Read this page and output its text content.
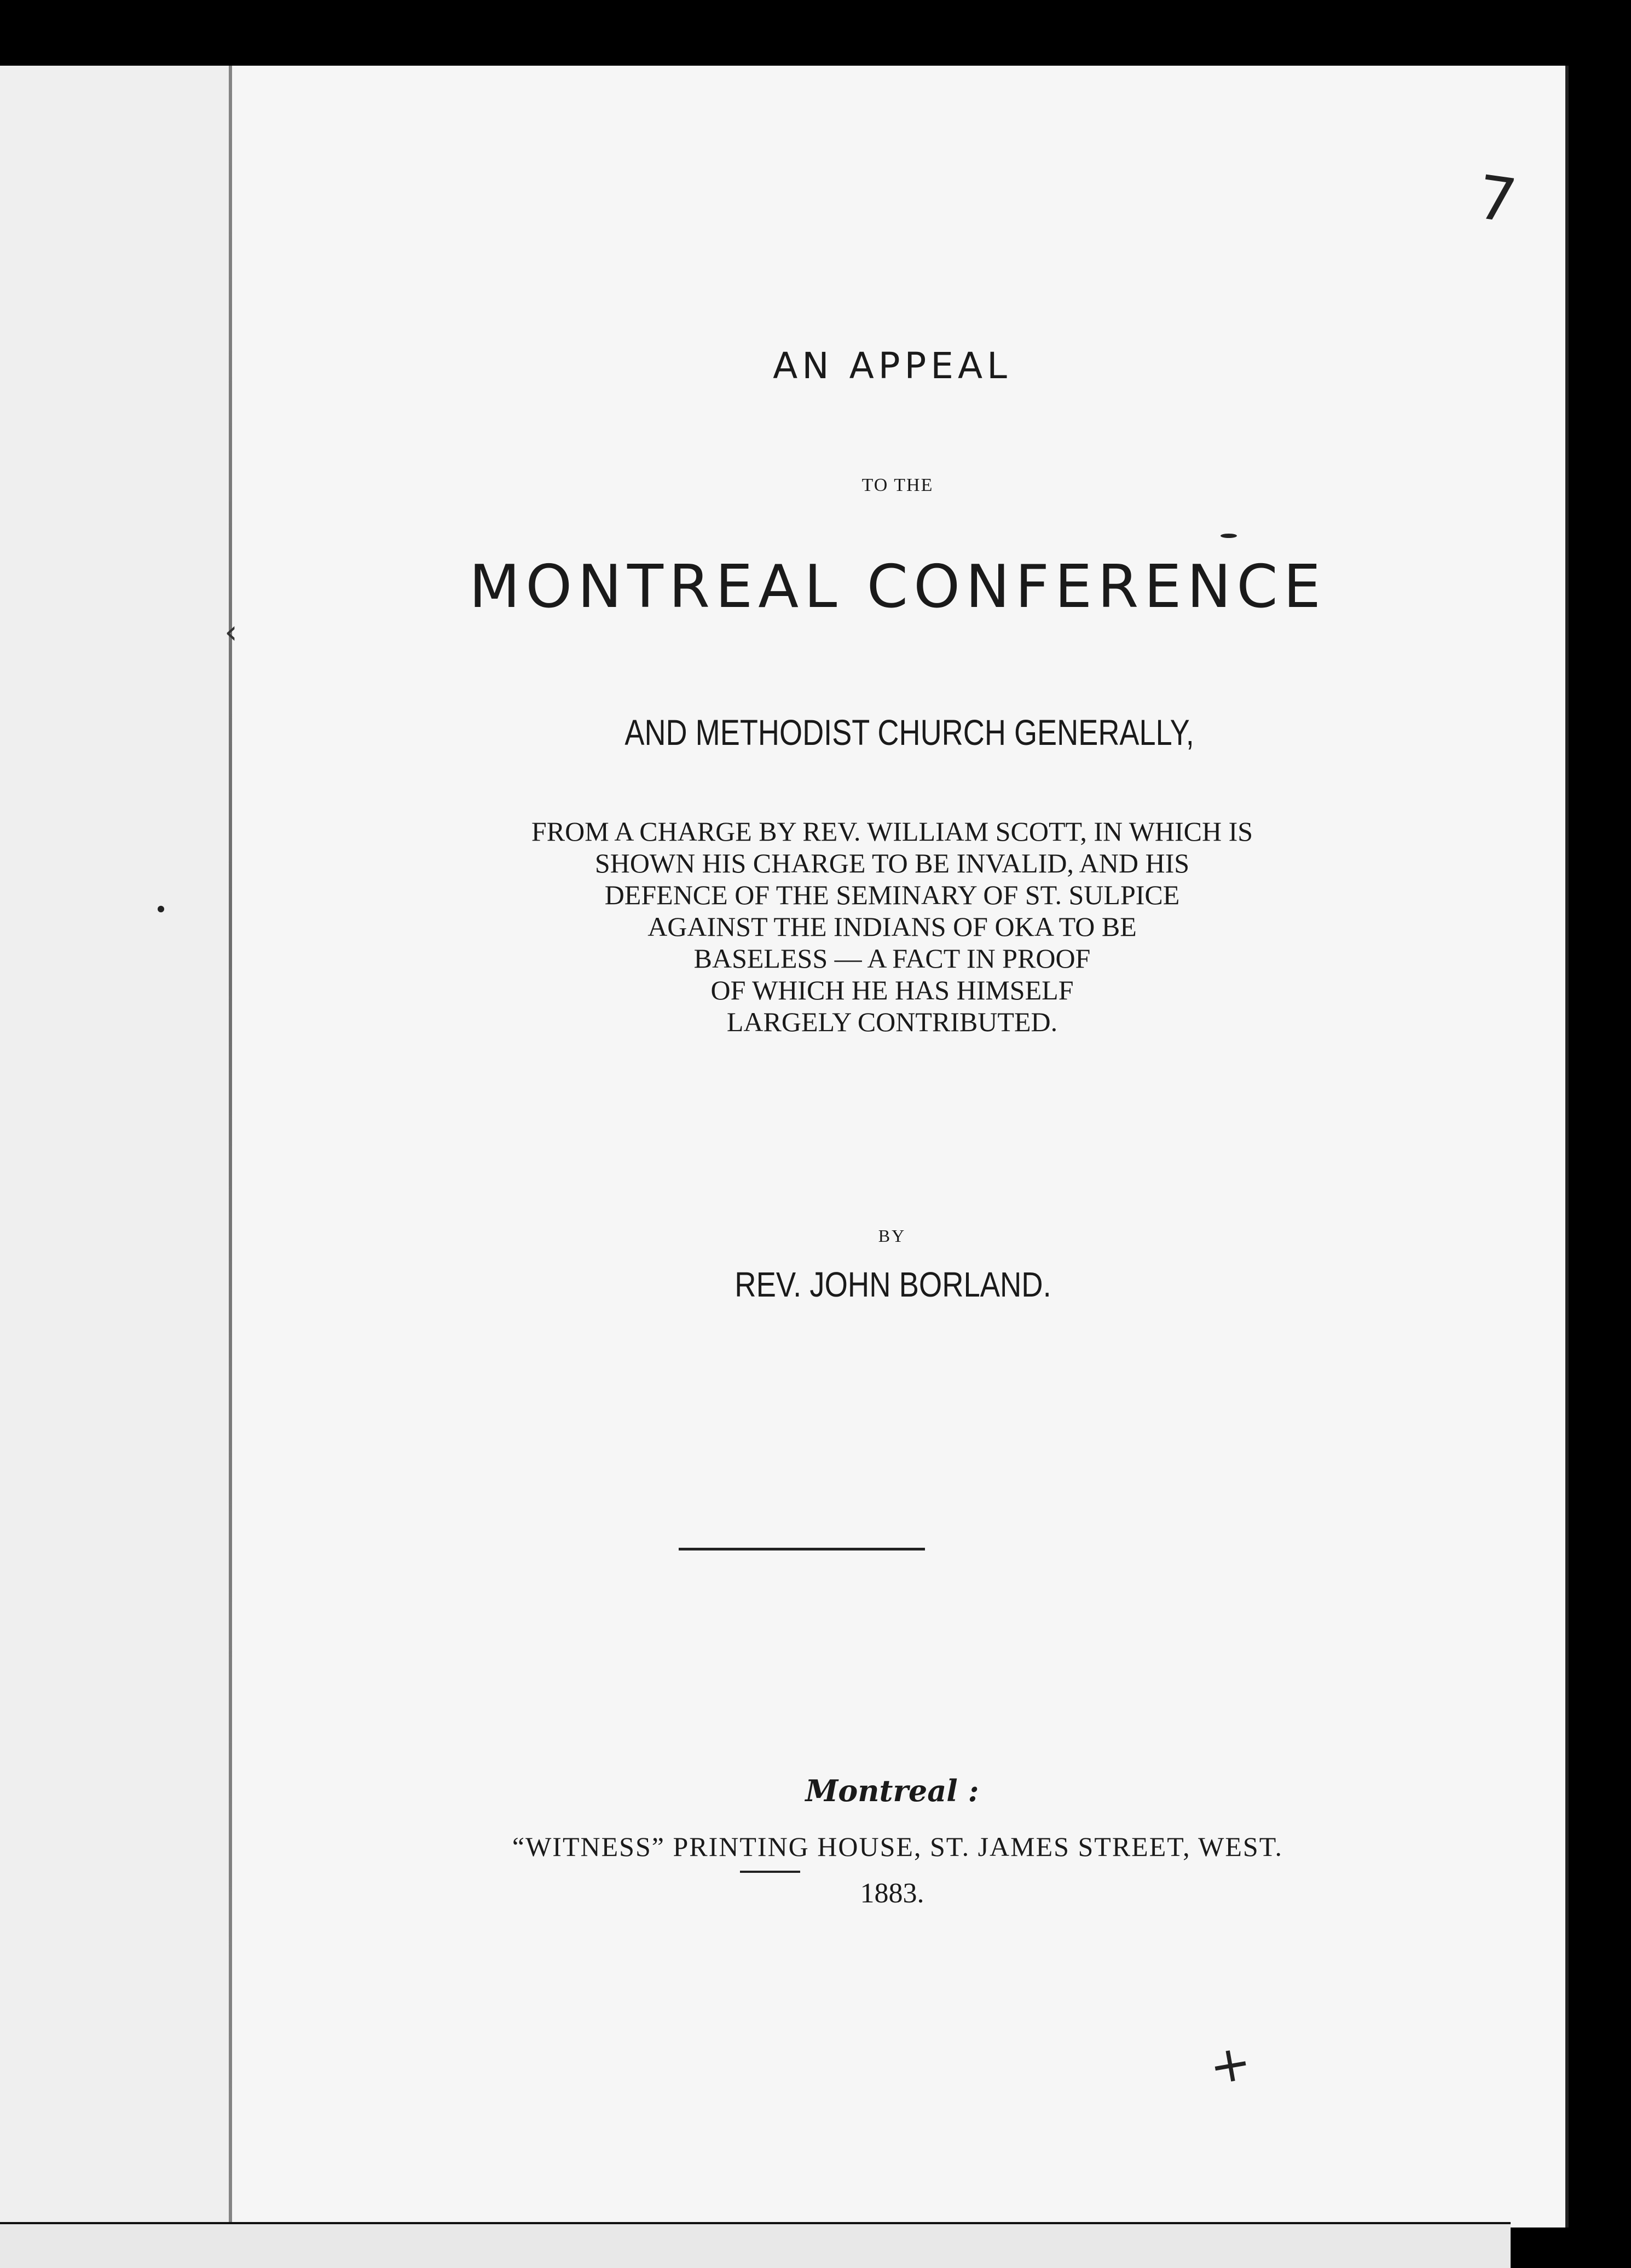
AN APPEAL
TO THE
MONTREAL CONFERENCE
AND METHODIST CHURCH GENERALLY,
FROM A CHARGE BY REV. WILLIAM SCOTT, IN WHICH IS
SHOWN HIS CHARGE TO BE INVALID, AND HIS
DEFENCE OF THE SEMINARY OF ST. SULPICE
AGAINST THE INDIANS OF OKA TO BE
BASELESS — A FACT IN PROOF
OF WHICH HE HAS HIMSELF
LARGELY CONTRIBUTED.
BY
REV. JOHN BORLAND.
Montreal :
“WITNESS” PRINTING HOUSE, ST. JAMES STREET, WEST.
1883.
7
+
‹
